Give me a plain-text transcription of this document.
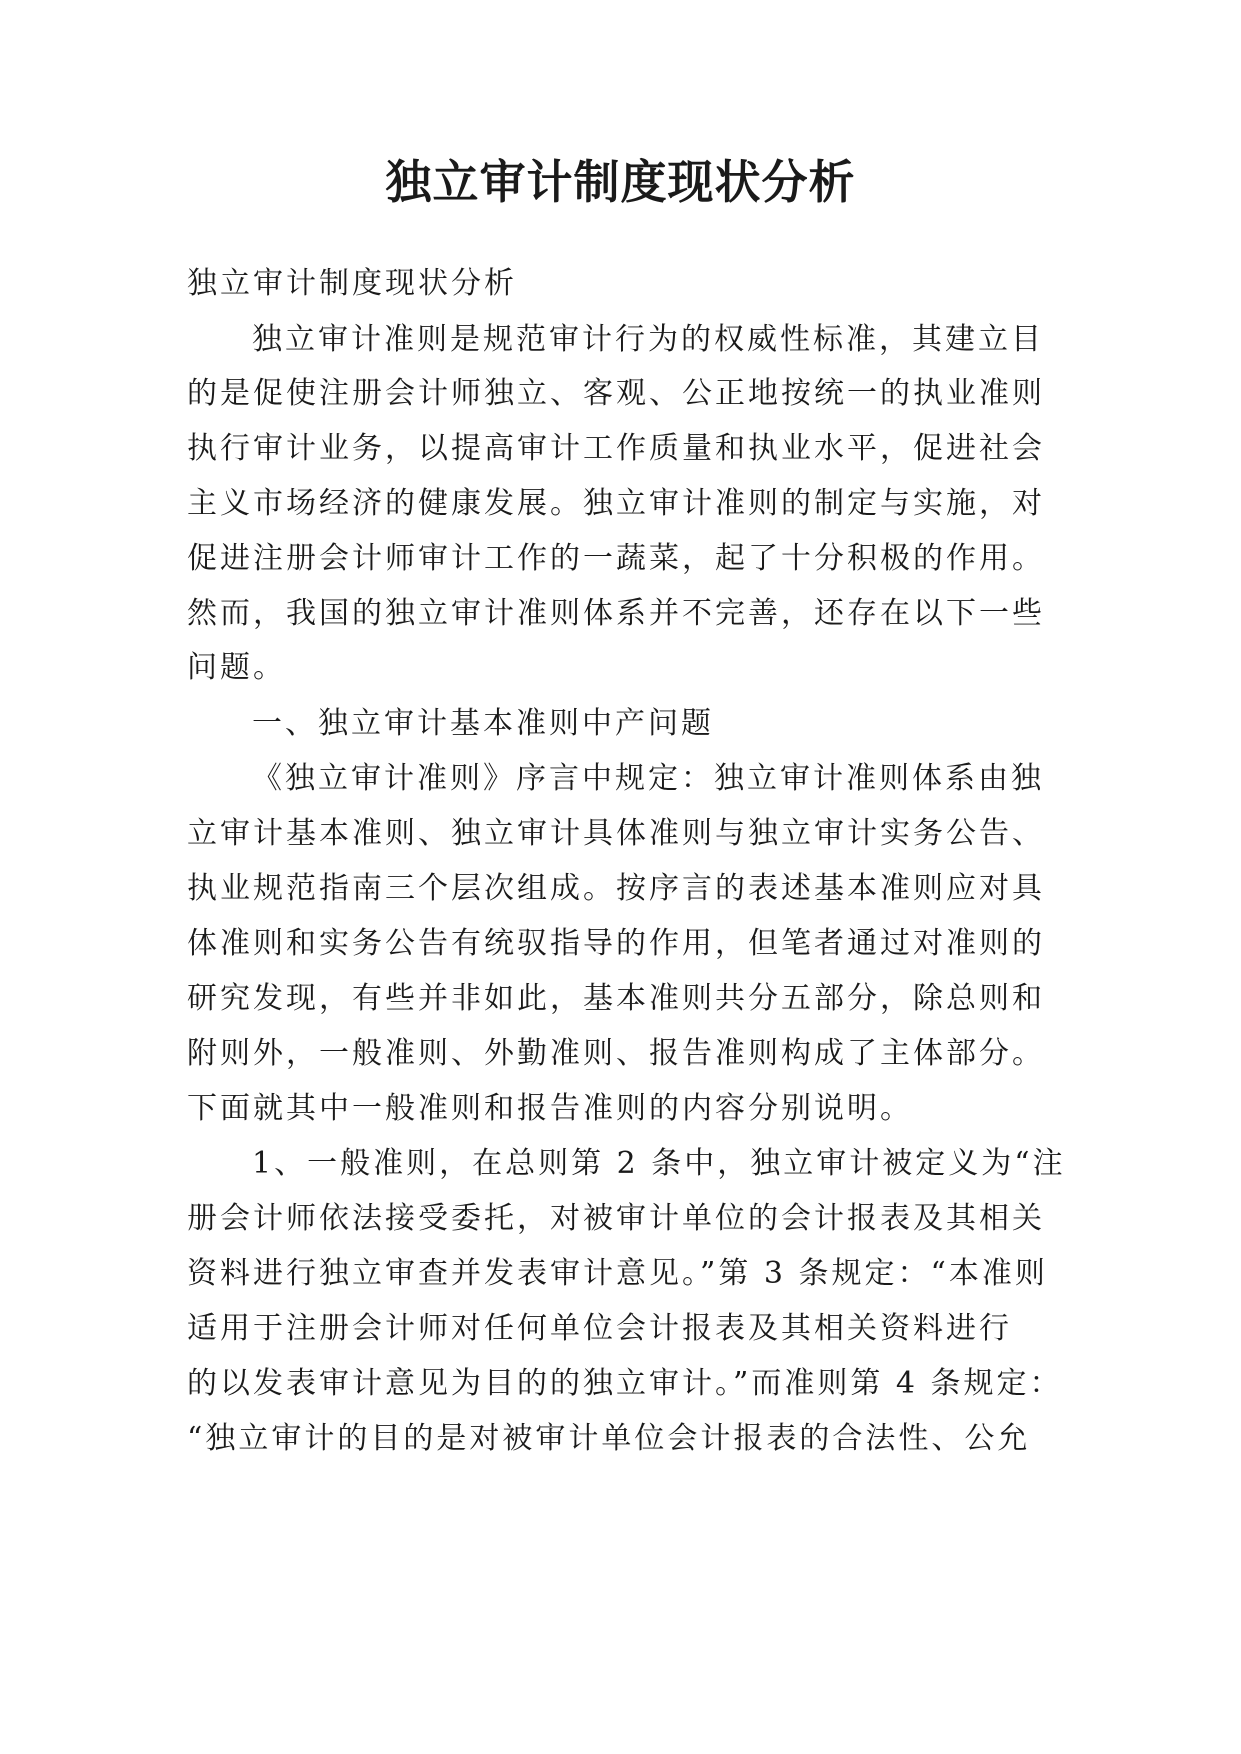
独立审计制度现状分析
独立审计制度现状分析
独立审计准则是规范审计行为的权威性标准，其建立目
的是促使注册会计师独立、客观、公正地按统一的执业准则
执行审计业务，以提高审计工作质量和执业水平，促进社会
主义市场经济的健康发展。独立审计准则的制定与实施，对
促进注册会计师审计工作的一蔬菜，起了十分积极的作用。
然而，我国的独立审计准则体系并不完善，还存在以下一些
问题。
一、独立审计基本准则中产问题
《独立审计准则》序言中规定：独立审计准则体系由独
立审计基本准则、独立审计具体准则与独立审计实务公告、
执业规范指南三个层次组成。按序言的表述基本准则应对具
体准则和实务公告有统驭指导的作用，但笔者通过对准则的
研究发现，有些并非如此，基本准则共分五部分，除总则和
附则外，一般准则、外勤准则、报告准则构成了主体部分。
下面就其中一般准则和报告准则的内容分别说明。
1、一般准则，在总则第 2 条中，独立审计被定义为“注
册会计师依法接受委托，对被审计单位的会计报表及其相关
资料进行独立审查并发表审计意见。”第 3 条规定：“本准则
适用于注册会计师对任何单位会计报表及其相关资料进行
的以发表审计意见为目的的独立审计。”而准则第 4 条规定：
“独立审计的目的是对被审计单位会计报表的合法性、公允
